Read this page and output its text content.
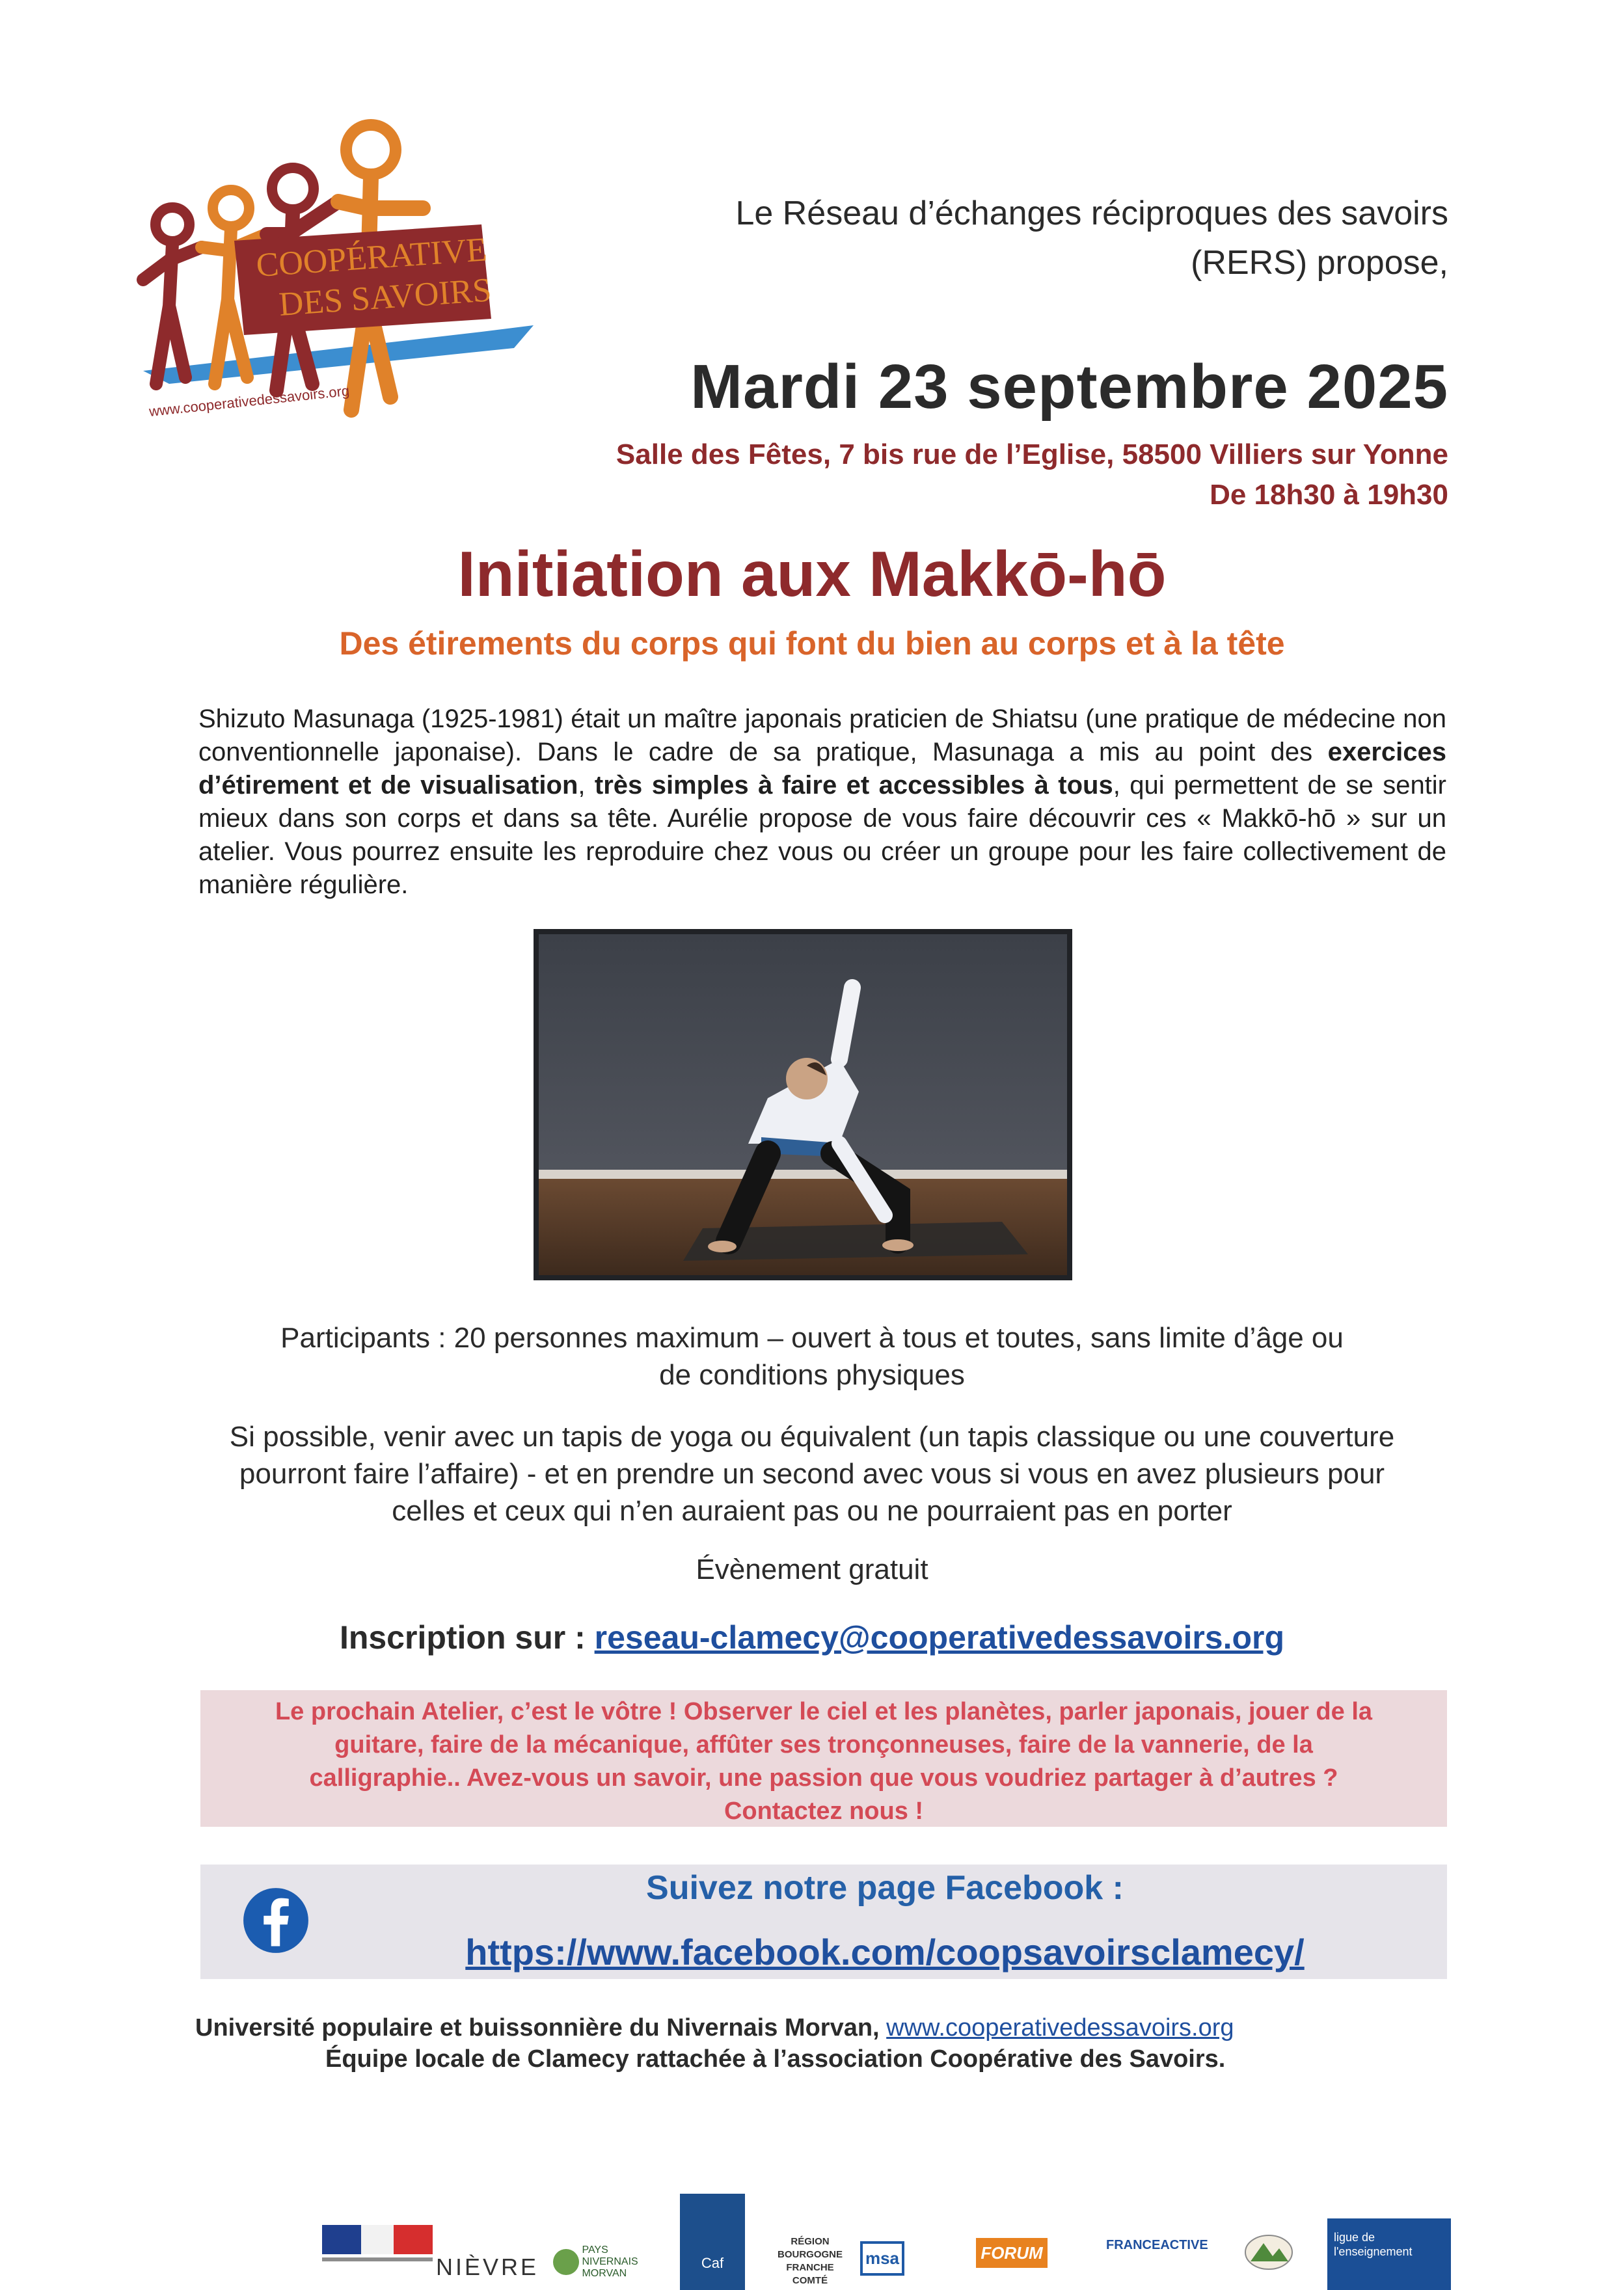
COOPÉRATIVE
DES SAVOIRS
www.cooperativedessavoirs.org
Le Réseau d’échanges réciproques des savoirs
(RERS) propose,
Mardi 23 septembre 2025
Salle des Fêtes, 7 bis rue de l’Eglise, 58500 Villiers sur Yonne
De 18h30 à 19h30
Initiation aux Makkō-hō
Des étirements du corps qui font du bien au corps et à la tête
Shizuto Masunaga (1925-1981) était un maître japonais praticien de Shiatsu (une pratique de médecine non conventionnelle japonaise). Dans le cadre de sa pratique, Masunaga a mis au point des exercices d’étirement et de visualisation, très simples à faire et accessibles à tous, qui permettent de se sentir mieux dans son corps et dans sa tête. Aurélie propose de vous faire découvrir ces « Makkō-hō » sur un atelier. Vous pourrez ensuite les reproduire chez vous ou créer un groupe pour les faire collectivement de manière régulière.
Participants : 20 personnes maximum – ouvert à tous et toutes, sans limite d’âge ou
de conditions physiques
Si possible, venir avec un tapis de yoga ou équivalent (un tapis classique ou une couverture
pourront faire l’affaire) - et en prendre un second avec vous si vous en avez plusieurs pour
celles et ceux qui n’en auraient pas ou ne pourraient pas en porter
Évènement gratuit
Inscription sur : reseau-clamecy@cooperativedessavoirs.org
Le prochain Atelier, c’est le vôtre ! Observer le ciel et les planètes, parler japonais, jouer de la
guitare, faire de la mécanique, affûter ses tronçonneuses, faire de la vannerie, de la
calligraphie.. Avez-vous un savoir, une passion que vous voudriez partager à d’autres ?
Contactez nous !
Suivez notre page Facebook :
https://www.facebook.com/coopsavoirsclamecy/
Université populaire et buissonnière du Nivernais Morvan, www.cooperativedessavoirs.org
Équipe locale de Clamecy rattachée à l’association Coopérative des Savoirs.
NIÈVRE
PAYS NIVERNAIS MORVAN
Caf
RÉGION BOURGOGNE FRANCHE COMTÉ
msa	FORUM	FRANCEACTIVE
ligue de l'enseignement
